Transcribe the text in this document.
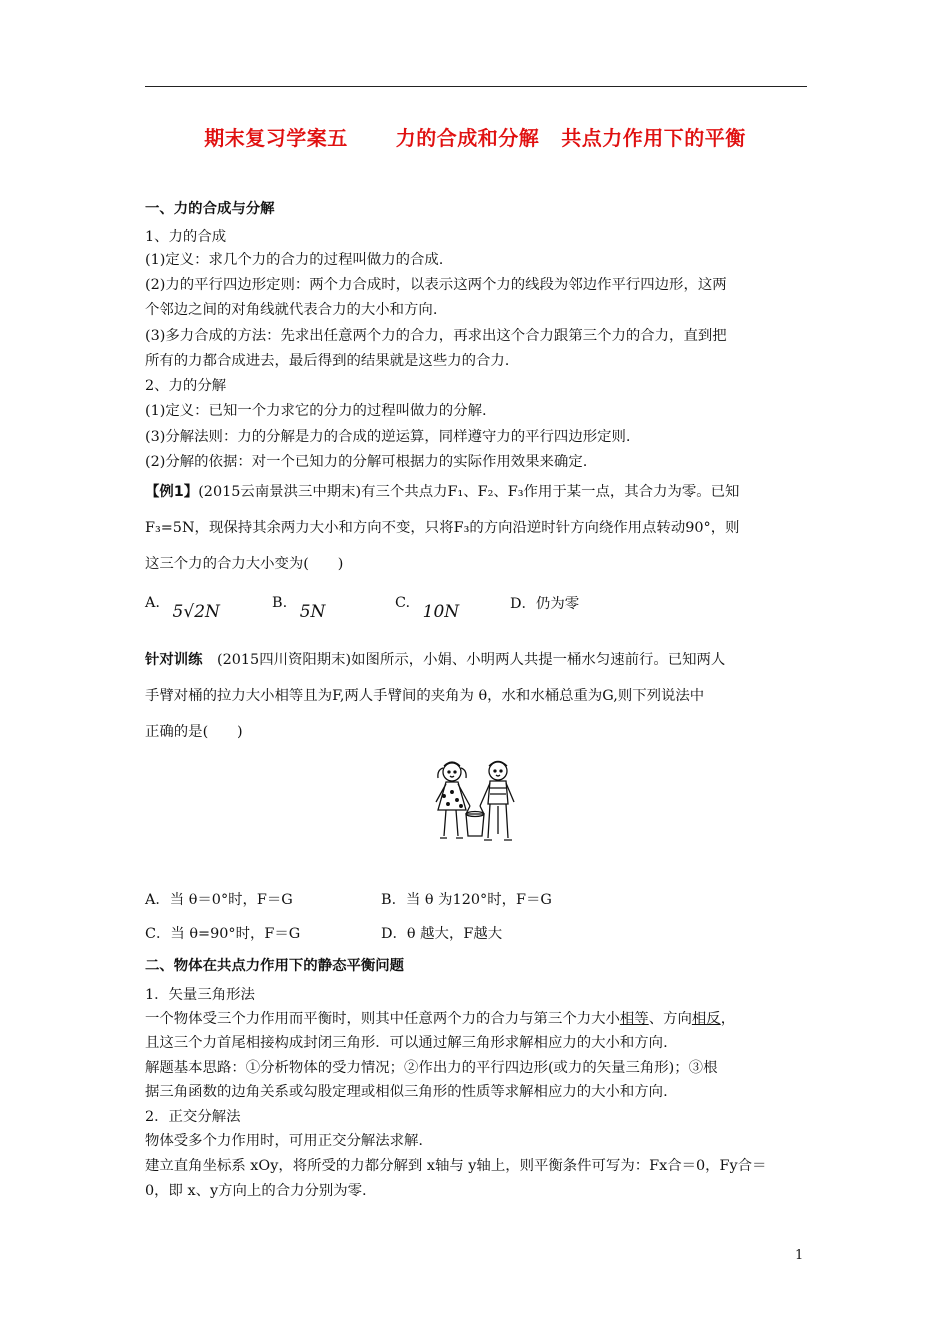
期末复习学案五 力的合成和分解 共点力作用下的平衡
一、力的合成与分解
1、力的合成
(1)定义：求几个力的合力的过程叫做力的合成.
(2)力的平行四边形定则：两个力合成时，以表示这两个力的线段为邻边作平行四边形，这两
个邻边之间的对角线就代表合力的大小和方向.
(3)多力合成的方法：先求出任意两个力的合力，再求出这个合力跟第三个力的合力，直到把
所有的力都合成进去，最后得到的结果就是这些力的合力.
2、力的分解
(1)定义：已知一个力求它的分力的过程叫做力的分解.
(3)分解法则：力的分解是力的合成的逆运算，同样遵守力的平行四边形定则.
(2)分解的依据：对一个已知力的分解可根据力的实际作用效果来确定.
【例1】(2015云南景洪三中期末)有三个共点力F₁、F₂、F₃作用于某一点，其合力为零。已知
F₃=5N，现保持其余两力大小和方向不变，只将F₃的方向沿逆时针方向绕作用点转动90°，则
这三个力的合力大小变为(　　)
A. 5√2N	B. 5N	C. 10N	D．仍为零
针对训练　(2015四川资阳期末)如图所示，小娟、小明两人共提一桶水匀速前行。已知两人
手臂对桶的拉力大小相等且为F,两人手臂间的夹角为 θ，水和水桶总重为G,则下列说法中
正确的是(　　)
A．当 θ＝0°时，F＝G	B．当 θ 为120°时，F＝G
C．当 θ=90°时，F＝G	D．θ 越大，F越大
二、物体在共点力作用下的静态平衡问题
1．矢量三角形法
一个物体受三个力作用而平衡时，则其中任意两个力的合力与第三个力大小相等、方向相反，
且这三个力首尾相接构成封闭三角形．可以通过解三角形求解相应力的大小和方向.
解题基本思路：①分析物体的受力情况；②作出力的平行四边形(或力的矢量三角形)；③根
据三角函数的边角关系或勾股定理或相似三角形的性质等求解相应力的大小和方向.
2．正交分解法
物体受多个力作用时，可用正交分解法求解.
建立直角坐标系 xOy，将所受的力都分解到 x轴与 y轴上，则平衡条件可写为：Fx合＝0，Fy合＝
0，即 x、y方向上的合力分别为零.
1
